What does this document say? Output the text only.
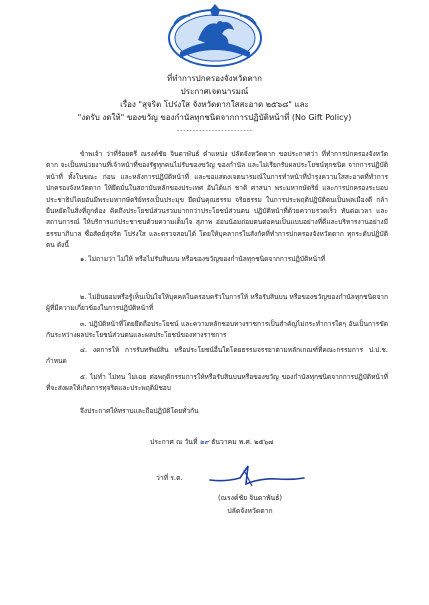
ที่ทำการปกครองจังหวัดตาก
ประกาศเจตนารมณ์
เรื่อง "สุจริต โปร่งใส จังหวัดตากใสสะอาด ๒๕๖๘" และ
"งดรับ งดให้" ของขวัญ ของกำนัลทุกชนิดจากการปฏิบัติหน้าที่ (No Gift Policy)
------------------------
ข้าพเจ้า ว่าที่ร้อยตรี ณรงค์ชัย จินดาพันธ์ ตำแหน่ง ปลัดจังหวัดตาก ขอประกาศว่า ที่ทำการปกครองจังหวัดตาก จะเป็นหน่วยงานที่เจ้าหน้าที่ของรัฐทุกคนไม่รับของขวัญ ของกำนัล และไม่เรียกรับผลประโยชน์ทุกชนิด จากการปฏิบัติหน้าที่ ทั้งในขณะ ก่อน และหลังการปฏิบัติหน้าที่ และขอแสดงเจตนารมณ์ในการทำหน้าที่บำรุงความใสสะอาดที่ทำการปกครองจังหวัดตาก ให้ยึดมั่นในสถาบันหลักของประเทศ อันได้แก่ ชาติ ศาสนา พระมหากษัตริย์ และการปกครองระบอบประชาธิปไตยอันมีพระมหากษัตริย์ทรงเป็นประมุข ยึดมั่นคุณธรรม จริยธรรม ในการประพฤติปฏิบัติตนเป็นพลเมืองดี กล้ายืนหยัดในสิ่งที่ถูกต้อง คิดถึงประโยชน์ส่วนรวมมากกว่าประโยชน์ส่วนตน ปฏิบัติหน้าที่ด้วยความรวดเร็ว ทันต่อเวลา และสถานการณ์ ให้บริการแก่ประชาชนด้วยความเต็มใจ สุภาพ อ่อนน้อมถ่อมตนต่อคนเป็นแบบอย่างที่ดีและบริหารงานอย่างมีธรรมาภิบาล ซื่อสัตย์สุจริต โปร่งใส และตรวจสอบได้ โดยให้บุคลากรในสังกัดที่ทำการปกครองจังหวัดตาก ทุกระดับปฏิบัติตน ดังนี้
๑. ไม่ถามว่า ไม่ให้ หรือไม่รับสินบน หรือของขวัญของกำนัลทุกชนิดจากการปฏิบัติหน้าที่
๒. ไม่ยินยอมหรือรู้เห็นเป็นใจให้บุคคลในครอบครัวในการให้ หรือรับสินบน หรือของขวัญของกำนัลทุกชนิดจากผู้ที่มีความเกี่ยวข้องในการปฏิบัติหน้าที่
๓. ปฏิบัติหน้าที่โดยยึดถือประโยชน์ และความหลักชอบทางราชการเป็นสำคัญไม่กระทำการใดๆ อันเป็นการขัดกันระหว่างผลประโยชน์ส่วนตนและผลประโยชน์ของทางราชการ
๔. งดการให้ การรับทรัพย์สิน หรือประโยชน์อื่นใดโดยธรรมจรรยาตามหลักเกณฑ์ที่คณะกรรมการ ป.ป.ช. กำหนด
๕. ไม่ทำ ไม่ทน ไม่เฉย ต่อพฤติกรรมการให้หรือรับสินบนหรือของขวัญ ของกำนัลทุกชนิดจากการปฏิบัติหน้าที่ ที่จะส่งผลให้เกิดการทุจริตและประพฤติมิชอบ
จึงประกาศให้ทราบและถือปฏิบัติโดยทั่วกัน
ประกาศ ณ วันที่ ๒๙ ธันวาคม พ.ศ. ๒๕๖๗
ว่าที่ ร.ต.
(ณรงค์ชัย จินดาพันธ์)
ปลัดจังหวัดตาก
